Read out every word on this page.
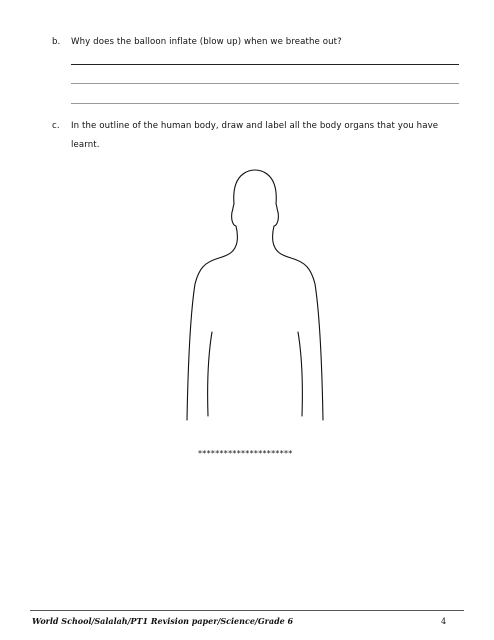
b. Why does the balloon inflate (blow up) when we breathe out?
c. In the outline of the human body, draw and label all the body organs that you have
learnt.
**********************
World School/Salalah/PT1 Revision paper/Science/Grade 6	4
